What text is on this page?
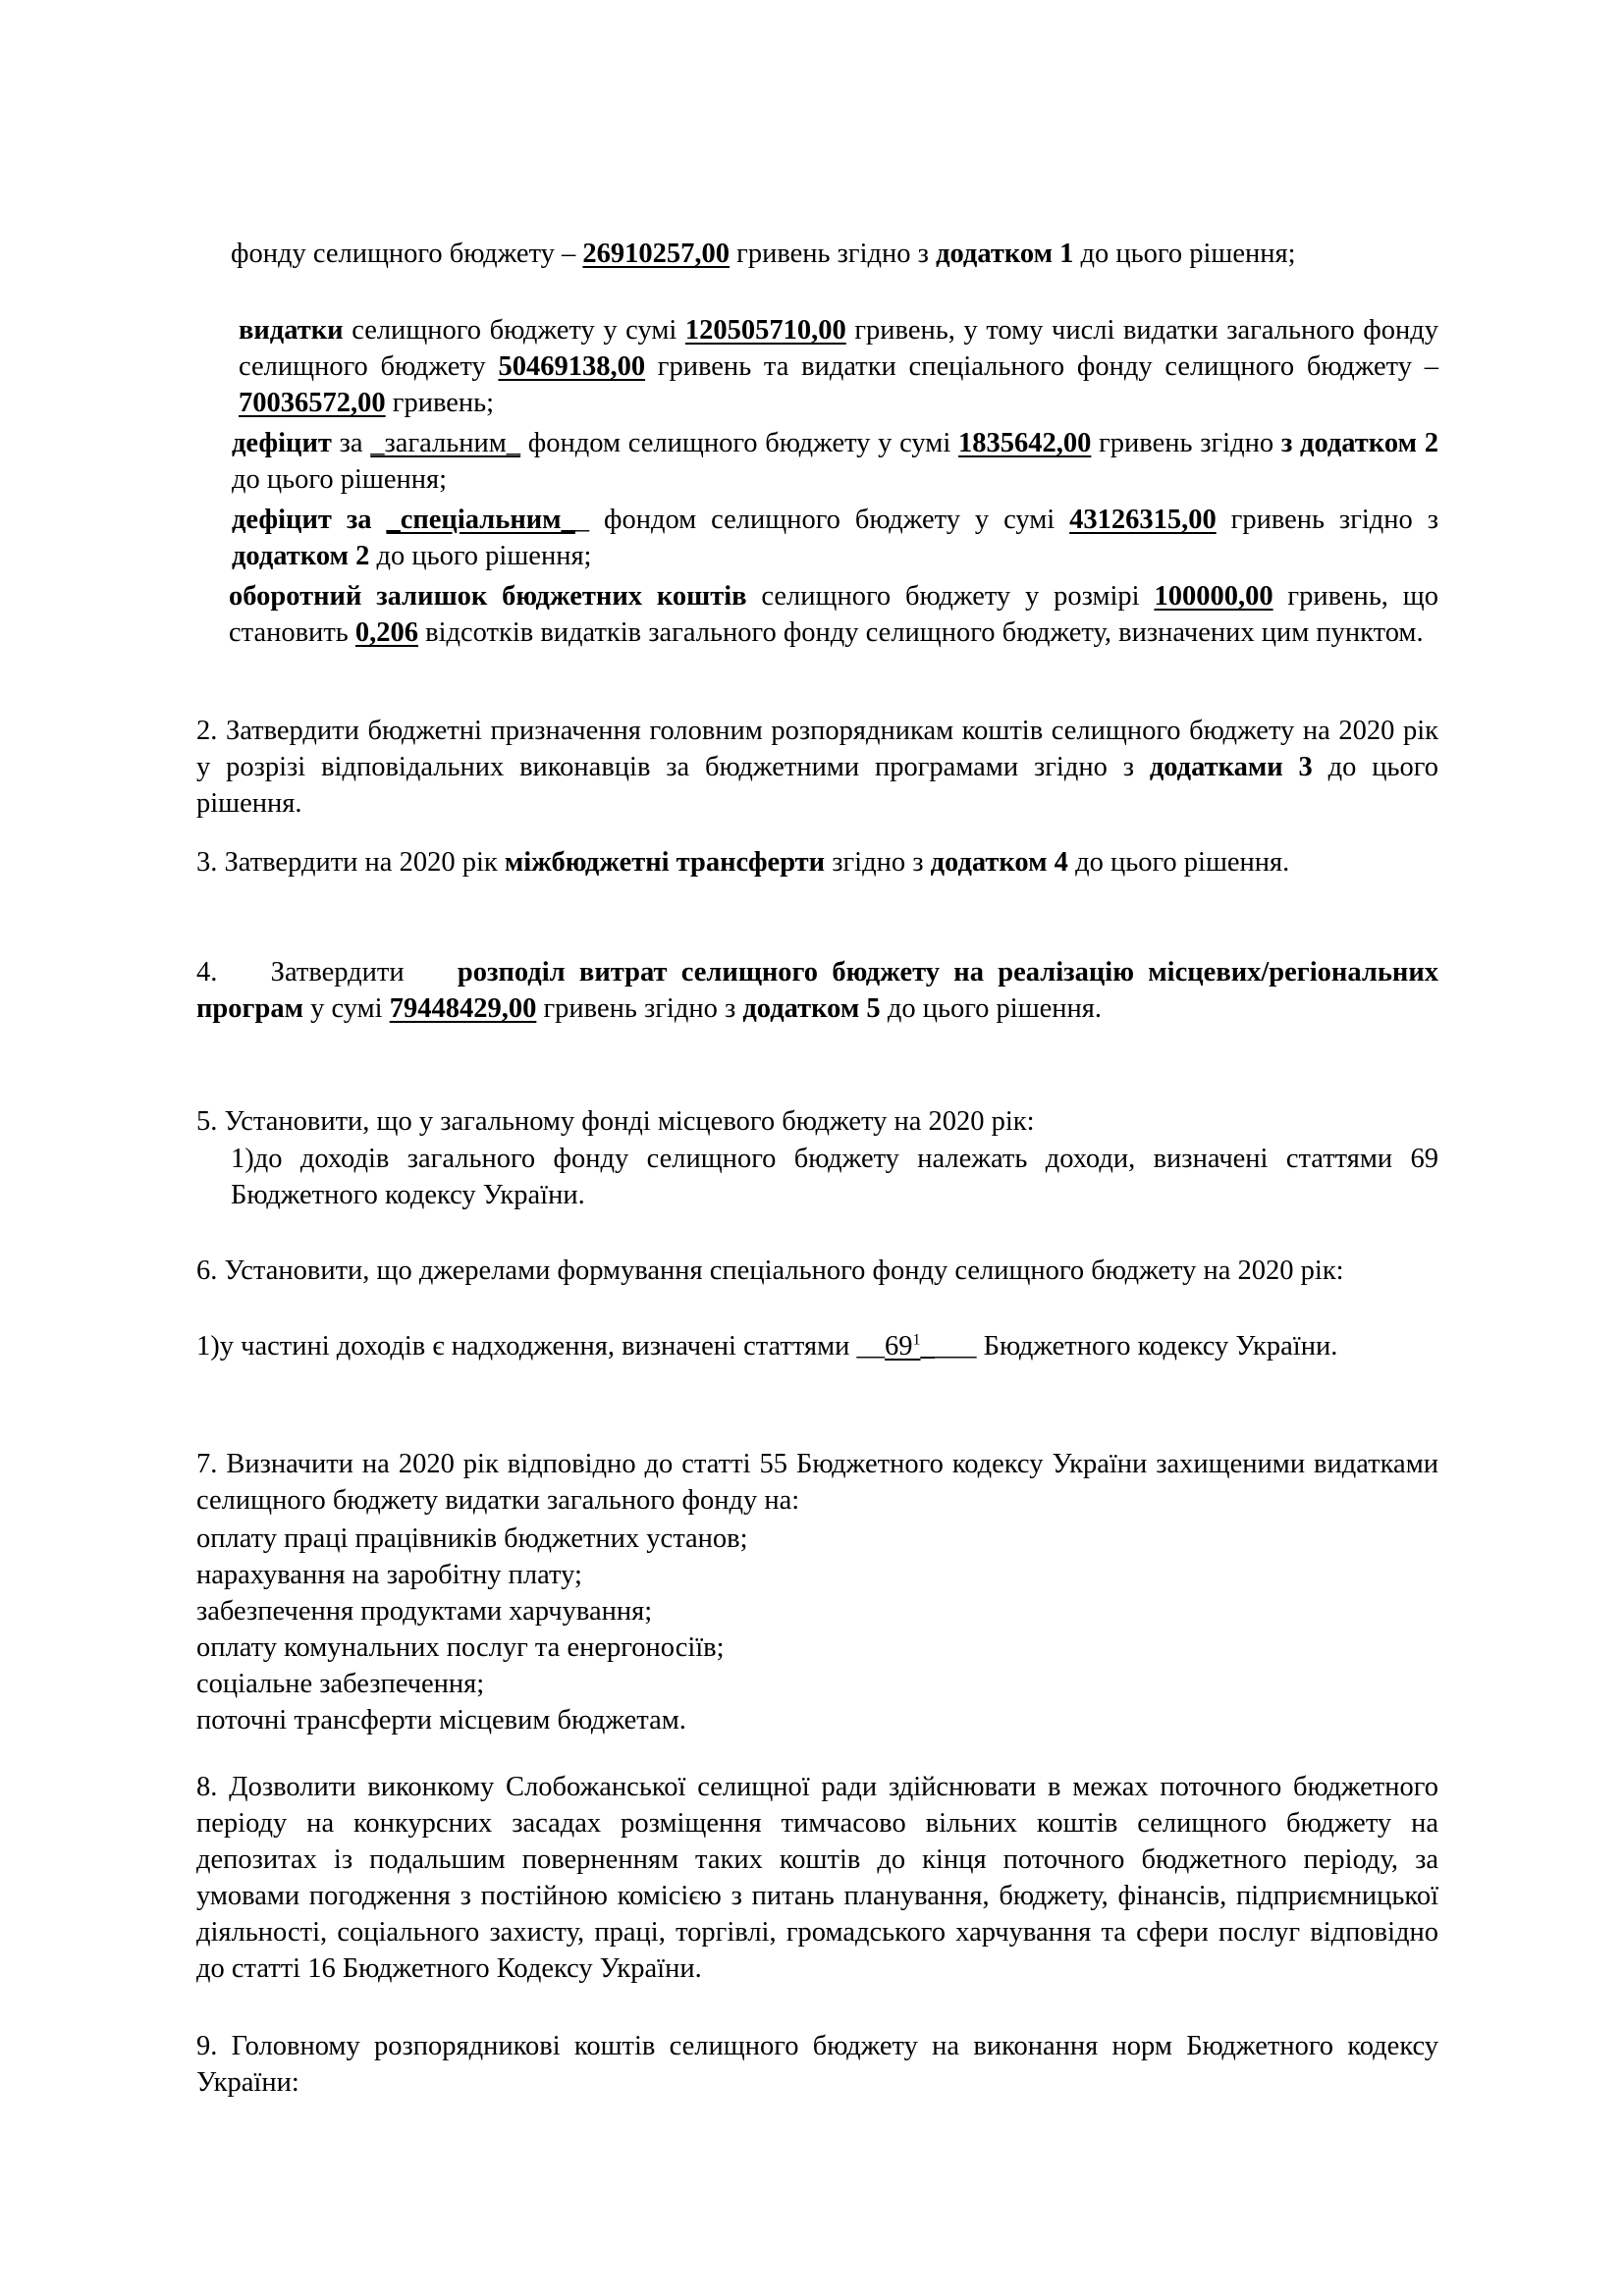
фонду селищного бюджету – 26910257,00 гривень згідно з додатком 1 до цього рішення;

видатки селищного бюджету у сумі 120505710,00 гривень, у тому числі видатки загального фонду селищного бюджету 50469138,00 гривень та видатки спеціального фонду селищного бюджету – 70036572,00 гривень;

дефіцит за _загальним_ фондом селищного бюджету у сумі 1835642,00 гривень згідно з додатком 2 до цього рішення;

дефіцит за _спеціальним__ фондом селищного бюджету у сумі 43126315,00 гривень згідно з додатком 2 до цього рішення;

оборотний залишок бюджетних коштів селищного бюджету у розмірі 100000,00 гривень, що становить 0,206 відсотків видатків загального фонду селищного бюджету, визначених цим пунктом.

2. Затвердити бюджетні призначення головним розпорядникам коштів селищного бюджету на 2020 рік у розрізі відповідальних виконавців за бюджетними програмами згідно з додатками 3 до цього рішення.

3. Затвердити на 2020 рік міжбюджетні трансферти згідно з додатком 4 до цього рішення.

4. Затвердити розподіл витрат селищного бюджету на реалізацію місцевих/регіональних програм у сумі 79448429,00 гривень згідно з додатком 5 до цього рішення.

5. Установити, що у загальному фонді місцевого бюджету на 2020 рік:

1)до доходів загального фонду селищного бюджету належать доходи, визначені статтями 69 Бюджетного кодексу України.

6. Установити, що джерелами формування спеціального фонду селищного бюджету на 2020 рік:

1)у частині доходів є надходження, визначені статтями $\_\_69^1\_\_\_\_$ Бюджетного кодексу України.

7. Визначити на 2020 рік відповідно до статті 55 Бюджетного кодексу України захищеними видатками селищного бюджету видатки загального фонду на:

оплату праці працівників бюджетних установ;

нарахування на заробітну плату;

забезпечення продуктами харчування;

оплату комунальних послуг та енергоносіїв;

соціальне забезпечення;

поточні трансферти місцевим бюджетам.

8. Дозволити виконкому Слобожанської селищної ради здійснювати в межах поточного бюджетного періоду на конкурсних засадах розміщення тимчасово вільних коштів селищного бюджету на депозитах із подальшим поверненням таких коштів до кінця поточного бюджетного періоду, за умовами погодження з постійною комісією з питань планування, бюджету, фінансів, підприємницької діяльності, соціального захисту, праці, торгівлі, громадського харчування та сфери послуг відповідно до статті 16 Бюджетного Кодексу України.

9. Головному розпорядникові коштів селищного бюджету на виконання норм Бюджетного кодексу України:
